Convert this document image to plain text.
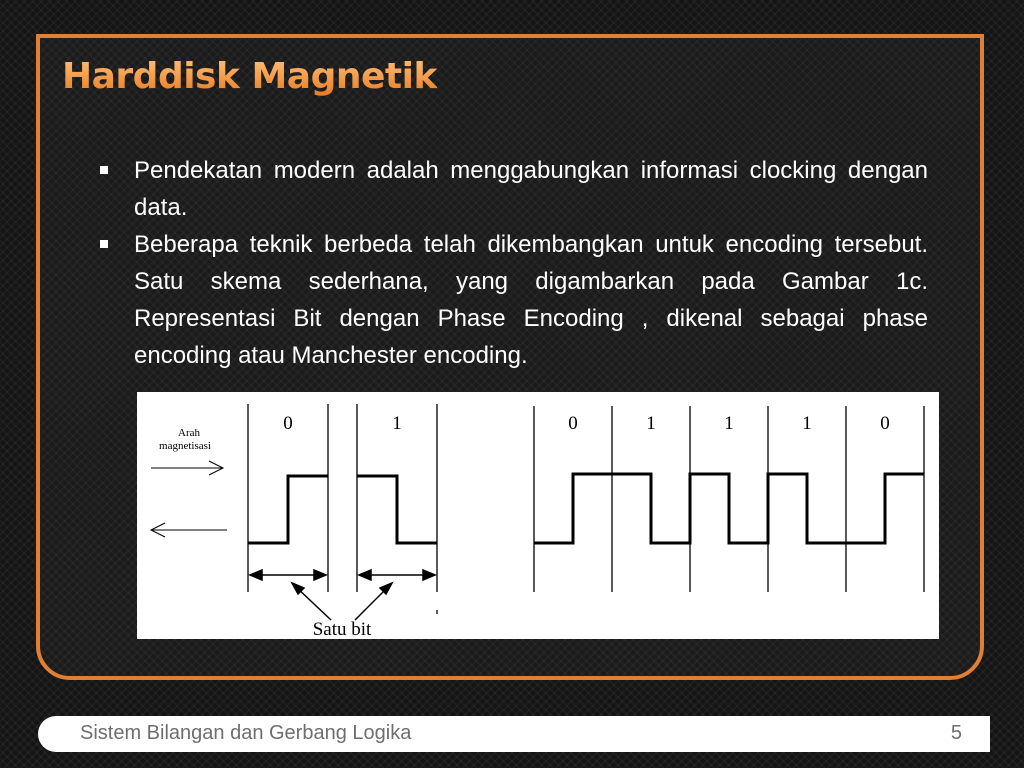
Harddisk Magnetik
Pendekatan modern adalah menggabungkan informasi clocking dengan data.
Beberapa teknik berbeda telah dikembangkan untuk encoding tersebut. Satu skema sederhana, yang digambarkan pada Gambar 1c. Representasi Bit dengan Phase Encoding , dikenal sebagai phase encoding atau Manchester encoding.
Arah
magnetisasi
0	1	0	1	1	1	0
Satu bit
Sistem Bilangan dan Gerbang Logika	5
